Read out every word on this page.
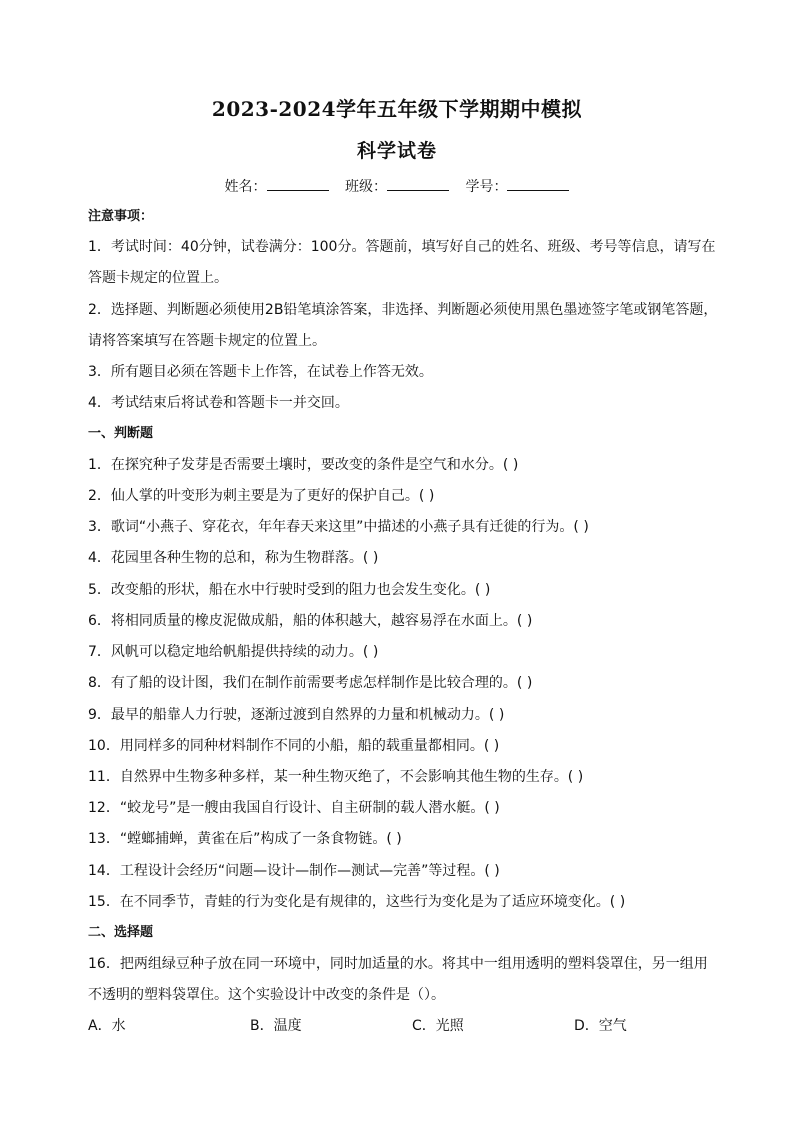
2023-2024学年五年级下学期期中模拟
科学试卷
姓名：	班级：	学号：
注意事项：
1．考试时间：40分钟，试卷满分：100分。答题前，填写好自己的姓名、班级、考号等信息，请写在
答题卡规定的位置上。
2．选择题、判断题必须使用2B铅笔填涂答案，非选择、判断题必须使用黑色墨迹签字笔或钢笔答题，
请将答案填写在答题卡规定的位置上。
3．所有题目必须在答题卡上作答，在试卷上作答无效。
4．考试结束后将试卷和答题卡一并交回。
一、判断题
1．在探究种子发芽是否需要土壤时，要改变的条件是空气和水分。( )
2．仙人掌的叶变形为刺主要是为了更好的保护自己。( )
3．歌词“小燕子、穿花衣，年年春天来这里”中描述的小燕子具有迁徙的行为。( )
4．花园里各种生物的总和，称为生物群落。( )
5．改变船的形状，船在水中行驶时受到的阻力也会发生变化。( )
6．将相同质量的橡皮泥做成船，船的体积越大，越容易浮在水面上。( )
7．风帆可以稳定地给帆船提供持续的动力。( )
8．有了船的设计图，我们在制作前需要考虑怎样制作是比较合理的。( )
9．最早的船靠人力行驶，逐渐过渡到自然界的力量和机械动力。( )
10．用同样多的同种材料制作不同的小船，船的载重量都相同。( )
11．自然界中生物多种多样，某一种生物灭绝了，不会影响其他生物的生存。( )
12．“蛟龙号”是一艘由我国自行设计、自主研制的载人潜水艇。( )
13．“螳螂捕蝉，黄雀在后”构成了一条食物链。( )
14．工程设计会经历“问题—设计—制作—测试—完善”等过程。( )
15．在不同季节，青蛙的行为变化是有规律的，这些行为变化是为了适应环境变化。( )
二、选择题
16．把两组绿豆种子放在同一环境中，同时加适量的水。将其中一组用透明的塑料袋罩住，另一组用
不透明的塑料袋罩住。这个实验设计中改变的条件是（）。
A．水	B．温度	C．光照	D．空气
